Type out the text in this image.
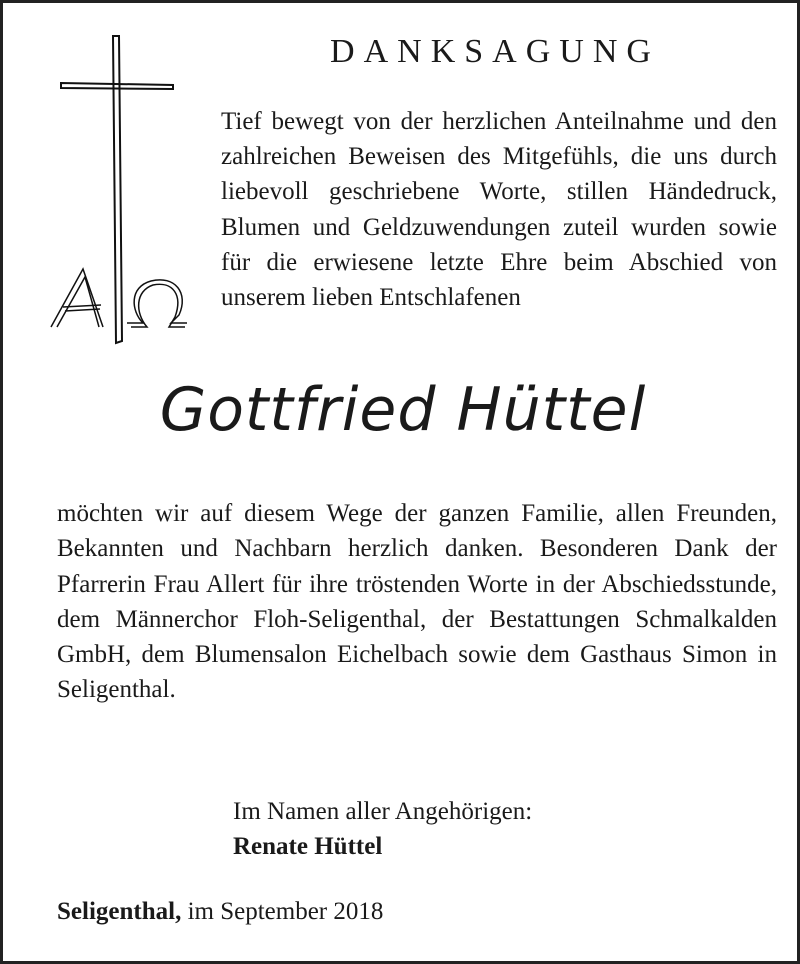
DANKSAGUNG
Tief bewegt von der herzlichen Anteilnahme und den zahlreichen Beweisen des Mitgefühls, die uns durch liebevoll geschriebene Worte, stillen Händedruck, Blumen und Geldzuwendungen zuteil wurden sowie für die erwiesene letzte Ehre beim Abschied von unserem lieben Entschlafenen
Gottfried Hüttel
möchten wir auf diesem Wege der ganzen Familie, allen Freunden, Bekannten und Nachbarn herzlich danken. Besonderen Dank der Pfarrerin Frau Allert für ihre tröstenden Worte in der Abschiedsstunde, dem Männerchor Floh-Seligenthal, der Bestattungen Schmalkalden GmbH, dem Blumensalon Eichelbach sowie dem Gasthaus Simon in Seligenthal.
Im Namen aller Angehörigen:
Renate Hüttel
Seligenthal, im September 2018
